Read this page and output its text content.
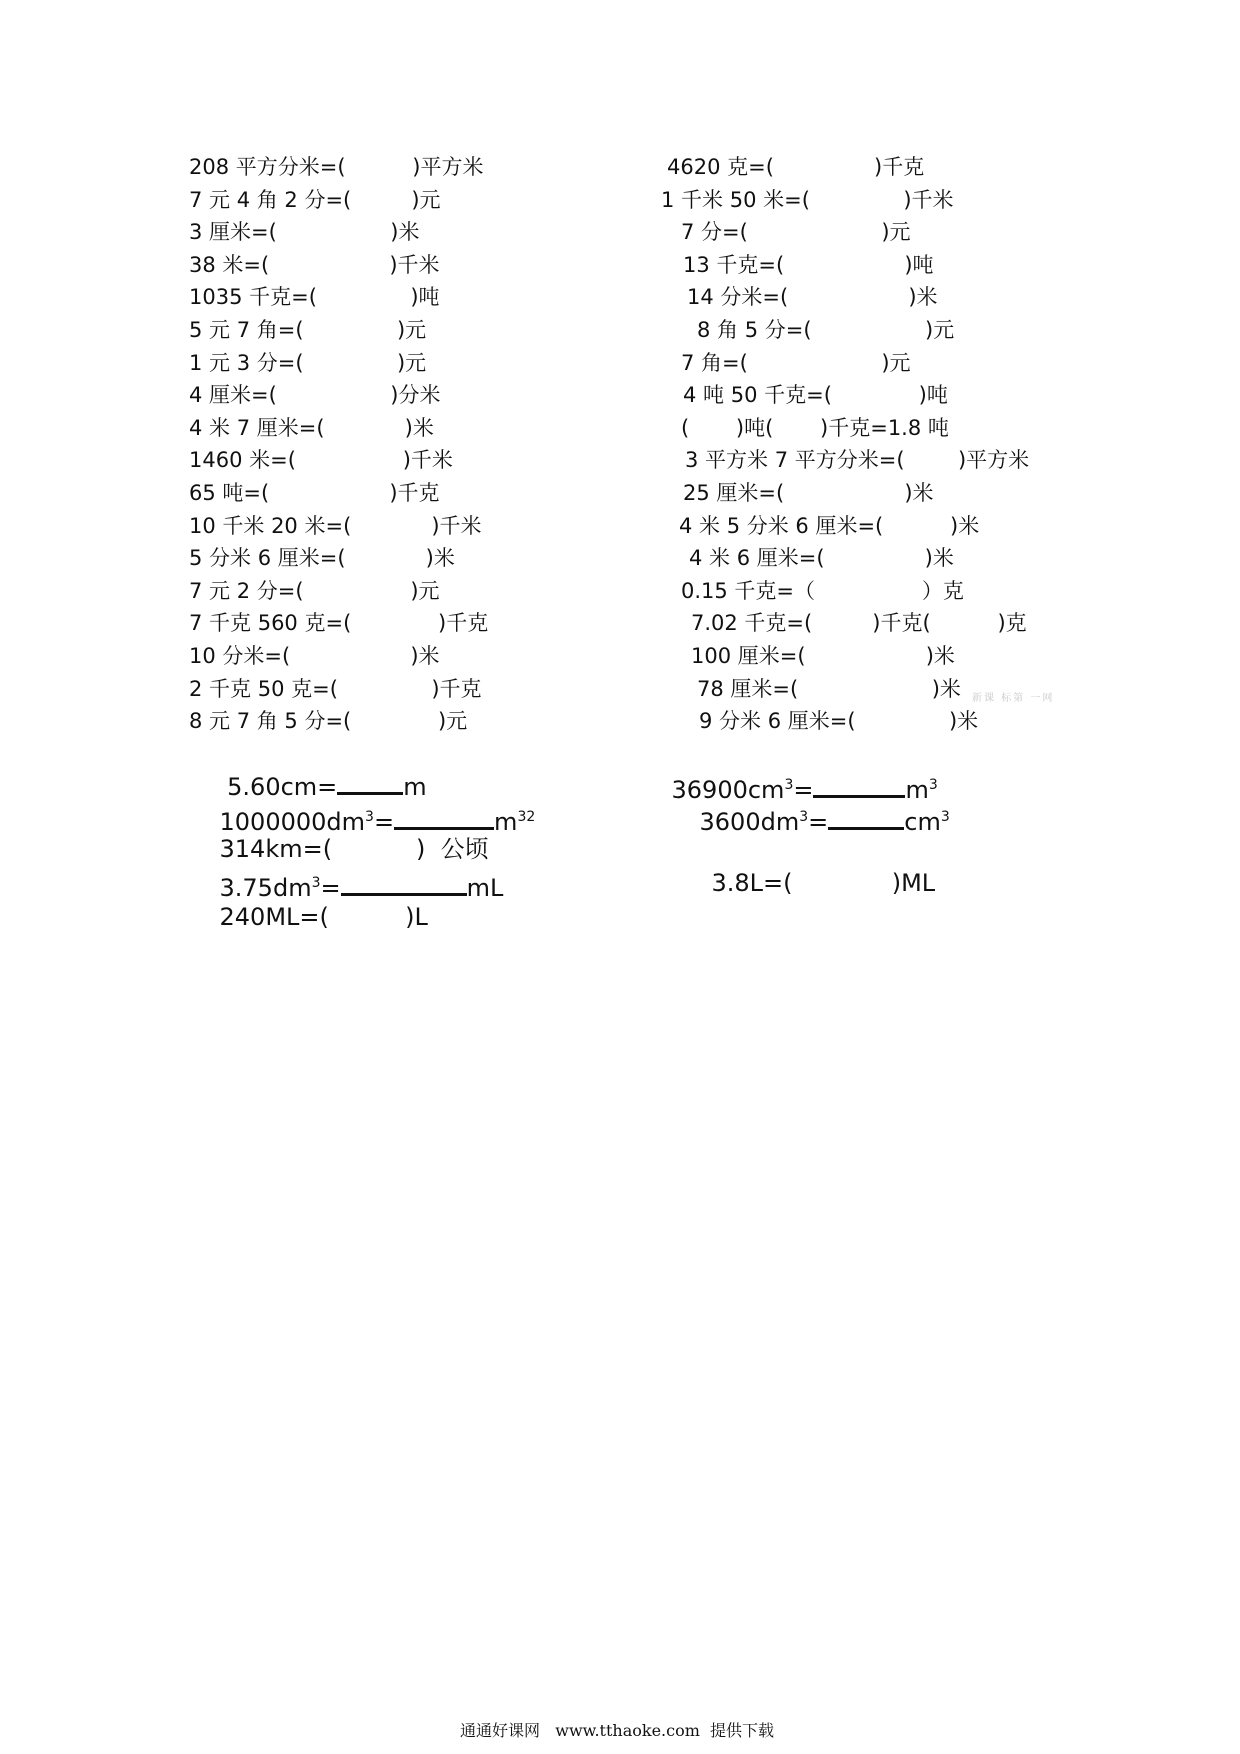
208 平方分米=(          )平方米
7 元 4 角 2 分=(         )元
3 厘米=(                 )米
38 米=(                  )千米
1035 千克=(              )吨
5 元 7 角=(              )元
1 元 3 分=(              )元
4 厘米=(                 )分米
4 米 7 厘米=(            )米
1460 米=(                )千米
65 吨=(                  )千克
10 千米 20 米=(            )千米
5 分米 6 厘米=(            )米
7 元 2 分=(                )元
7 千克 560 克=(             )千克
10 分米=(                  )米
2 千克 50 克=(              )千克
8 元 7 角 5 分=(             )元
4620 克=(               )千克
1 千米 50 米=(              )千米
7 分=(                    )元
13 千克=(                  )吨
14 分米=(                  )米
8 角 5 分=(                 )元
7 角=(                    )元
4 吨 50 千克=(             )吨
(       )吨(       )千克=1.8 吨
3 平方米 7 平方分米=(        )平方米
25 厘米=(                  )米
4 米 5 分米 6 厘米=(          )米
4 米 6 厘米=(               )米
0.15 千克=（                ）克
7.02 千克=(         )千克(          )克
100 厘米=(                  )米
78 厘米=(                    )米
9 分米 6 厘米=(              )米

5.60cm=	m
	$36900cm^3=$	$m^3$

$1000000dm^3=$	$m^{32}$
	$3600dm^3=$	$cm^3$

314km=(           )  公顷

$3.75dm^3=$	mL
	3.8L=(             )ML

240ML=(          )L

新课 标第 一网
通通好课网   www.tthaoke.com  提供下载
